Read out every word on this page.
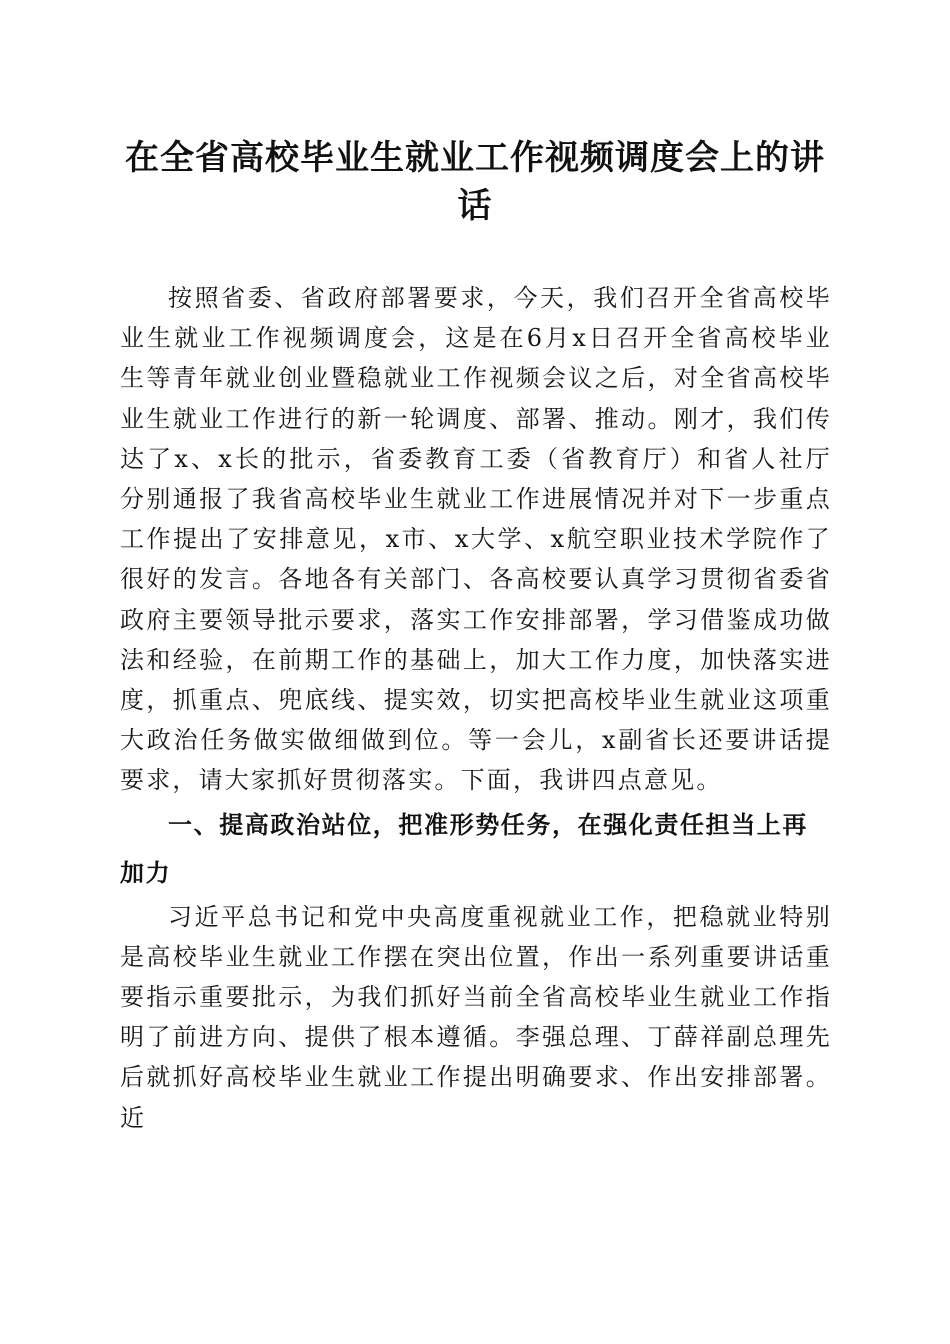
在全省高校毕业生就业工作视频调度会上的讲话

按照省委、省政府部署要求，今天，我们召开全省高校毕业生就业工作视频调度会，这是在6月x日召开全省高校毕业生等青年就业创业暨稳就业工作视频会议之后，对全省高校毕业生就业工作进行的新一轮调度、部署、推动。刚才，我们传达了x、x长的批示，省委教育工委（省教育厅）和省人社厅分别通报了我省高校毕业生就业工作进展情况并对下一步重点工作提出了安排意见，x市、x大学、x航空职业技术学院作了很好的发言。各地各有关部门、各高校要认真学习贯彻省委省政府主要领导批示要求，落实工作安排部署，学习借鉴成功做法和经验，在前期工作的基础上，加大工作力度，加快落实进度，抓重点、兜底线、提实效，切实把高校毕业生就业这项重大政治任务做实做细做到位。等一会儿，x副省长还要讲话提要求，请大家抓好贯彻落实。下面，我讲四点意见。

一、提高政治站位，把准形势任务，在强化责任担当上再加力

习近平总书记和党中央高度重视就业工作，把稳就业特别是高校毕业生就业工作摆在突出位置，作出一系列重要讲话重要指示重要批示，为我们抓好当前全省高校毕业生就业工作指明了前进方向、提供了根本遵循。李强总理、丁薛祥副总理先后就抓好高校毕业生就业工作提出明确要求、作出安排部署。近
